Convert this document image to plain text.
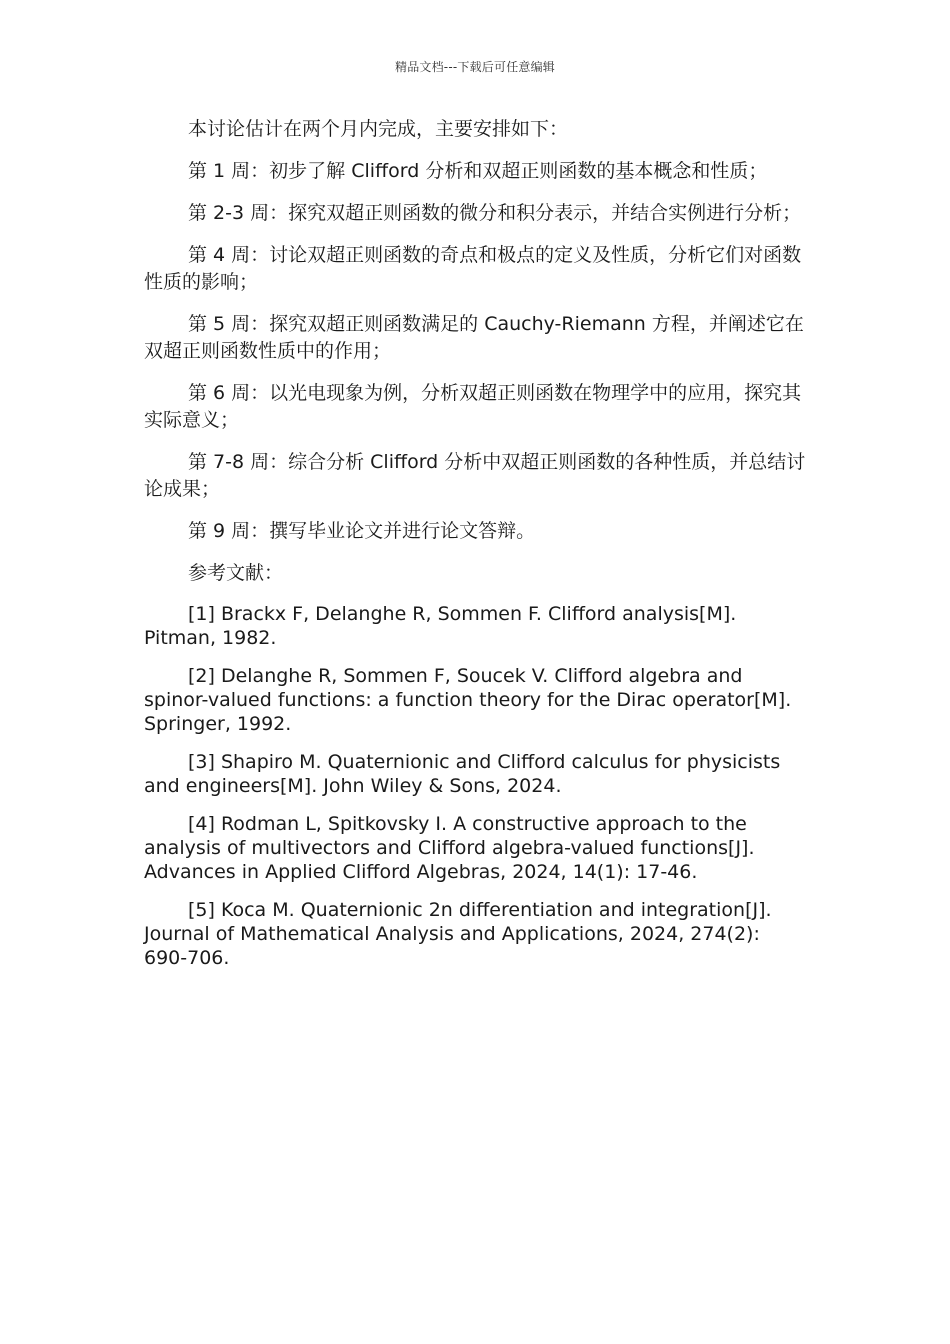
精品文档---下载后可任意编辑

本讨论估计在两个月内完成，主要安排如下：

第 1 周：初步了解 Clifford 分析和双超正则函数的基本概念和性质；

第 2-3 周：探究双超正则函数的微分和积分表示，并结合实例进行分析；

第 4 周：讨论双超正则函数的奇点和极点的定义及性质，分析它们对函数性质的影响；

第 5 周：探究双超正则函数满足的 Cauchy-Riemann 方程，并阐述它在双超正则函数性质中的作用；

第 6 周：以光电现象为例，分析双超正则函数在物理学中的应用，探究其实际意义；

第 7-8 周：综合分析 Clifford 分析中双超正则函数的各种性质，并总结讨论成果；

第 9 周：撰写毕业论文并进行论文答辩。

参考文献：

[1] Brackx F, Delanghe R, Sommen F. Clifford analysis[M]. Pitman, 1982.

[2] Delanghe R, Sommen F, Soucek V. Clifford algebra and spinor-valued functions: a function theory for the Dirac operator[M]. Springer, 1992.

[3] Shapiro M. Quaternionic and Clifford calculus for physicists and engineers[M]. John Wiley & Sons, 2024.

[4] Rodman L, Spitkovsky I. A constructive approach to the analysis of multivectors and Clifford algebra-valued functions[J]. Advances in Applied Clifford Algebras, 2024, 14(1): 17-46.

[5] Koca M. Quaternionic 2n differentiation and integration[J]. Journal of Mathematical Analysis and Applications, 2024, 274(2): 690-706.
